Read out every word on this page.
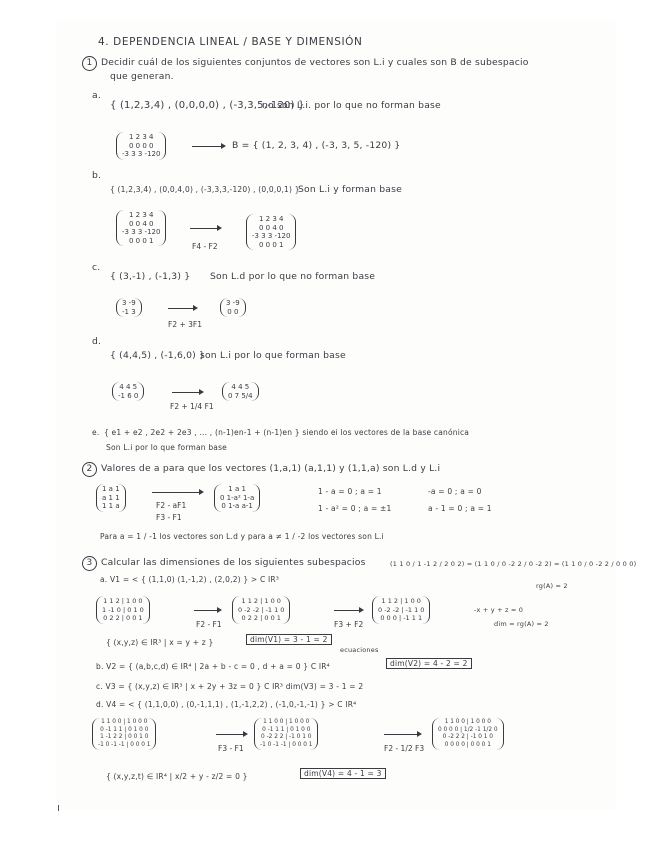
4. DEPENDENCIA LINEAL / BASE Y DIMENSIÓN
1 Decidir cuál de los siguientes conjuntos de vectores son L.i y cuales son B de subespacio
que generan.
a.
{ (1,2,3,4) , (0,0,0,0) , (-3,3,5,-120) }
no son L.i. por lo que no forman base
1 2 3 4
0 0 0 0
-3 3 3 -120
B = { (1, 2, 3, 4) , (-3, 3, 5, -120) }
b.
{ (1,2,3,4) , (0,0,4,0) , (-3,3,3,-120) , (0,0,0,1) }
Son L.i y forman base
1 2 3 4
0 0 4 0
-3 3 3 -120
0 0 0 1
F4 - F2
1 2 3 4
0 0 4 0
-3 3 3 -120
0 0 0 1
c.
{ (3,-1) , (-1,3) } Son L.d por lo que no forman base
3 -9
-1 3
F2 + 3F1
3 -9
0 0
d.
{ (4,4,5) , (-1,6,0) }
son L.i por lo que forman base
4 4 5
-1 6 0
F2 + 1/4 F1
4 4 5
0 7 5/4
e. { e1 + e2 , 2e2 + 2e3 , ... , (n-1)en-1 + (n-1)en } siendo ei los vectores de la base canónica
Son L.i por lo que forman base
2 Valores de a para que los vectores (1,a,1) (a,1,1) y (1,1,a) son L.d y L.i
1 a 1
a 1 1
1 1 a	F2 - aF1
F3 - F1
1 a 1
0 1-a² 1-a
0 1-a a-1
1 - a = 0 ; a = 1
1 - a² = 0 ; a = ±1
-a = 0 ; a = 0
a - 1 = 0 ; a = 1
Para a = 1 / -1 los vectores son L.d y para a ≠ 1 / -2 los vectores son L.i
3 Calcular las dimensiones de los siguientes subespacios	(1 1 0 / 1 -1 2 / 2 0 2) = (1 1 0 / 0 -2 2 / 0 -2 2) = (1 1 0 / 0 -2 2 / 0 0 0)
rg(A) = 2
a. V1 = < { (1,1,0) (1,-1,2) , (2,0,2) } > C IR³
1 1 2 | 1 0 0
1 -1 0 | 0 1 0
0 2 2 | 0 0 1
F2 - F1
1 1 2 | 1 0 0
0 -2 -2 | -1 1 0
0 2 2 | 0 0 1
F3 + F2
1 1 2 | 1 0 0
0 -2 -2 | -1 1 0
0 0 0 | -1 1 1
-x + y + z = 0
dim = rg(A) = 2
{ (x,y,z) ∈ IR³ | x = y + z }	dim(V1) = 3 - 1 = 2
ecuaciones
b. V2 = { (a,b,c,d) ∈ IR⁴ | 2a + b - c = 0 , d + a = 0 } C IR⁴	dim(V2) = 4 - 2 = 2
c. V3 = { (x,y,z) ∈ IR³ | x + 2y + 3z = 0 } C IR³ dim(V3) = 3 - 1 = 2
d. V4 = < { (1,1,0,0) , (0,-1,1,1) , (1,-1,2,2) , (-1,0,-1,-1) } > C IR⁴
1 1 0 0 | 1 0 0 0
0 -1 1 1 | 0 1 0 0
1 -1 2 2 | 0 0 1 0
-1 0 -1 -1 | 0 0 0 1	F3 - F1
1 1 0 0 | 1 0 0 0
0 -1 1 1 | 0 1 0 0
0 -2 2 2 | -1 0 1 0
-1 0 -1 -1 | 0 0 0 1	F2 - 1/2 F3
1 1 0 0 | 1 0 0 0
0 0 0 0 | 1/2 -1 1/2 0
0 -2 2 2 | -1 0 1 0
0 0 0 0 | 0 0 0 1
{ (x,y,z,t) ∈ IR⁴ | x/2 + y - z/2 = 0 }	dim(V4) = 4 - 1 = 3
